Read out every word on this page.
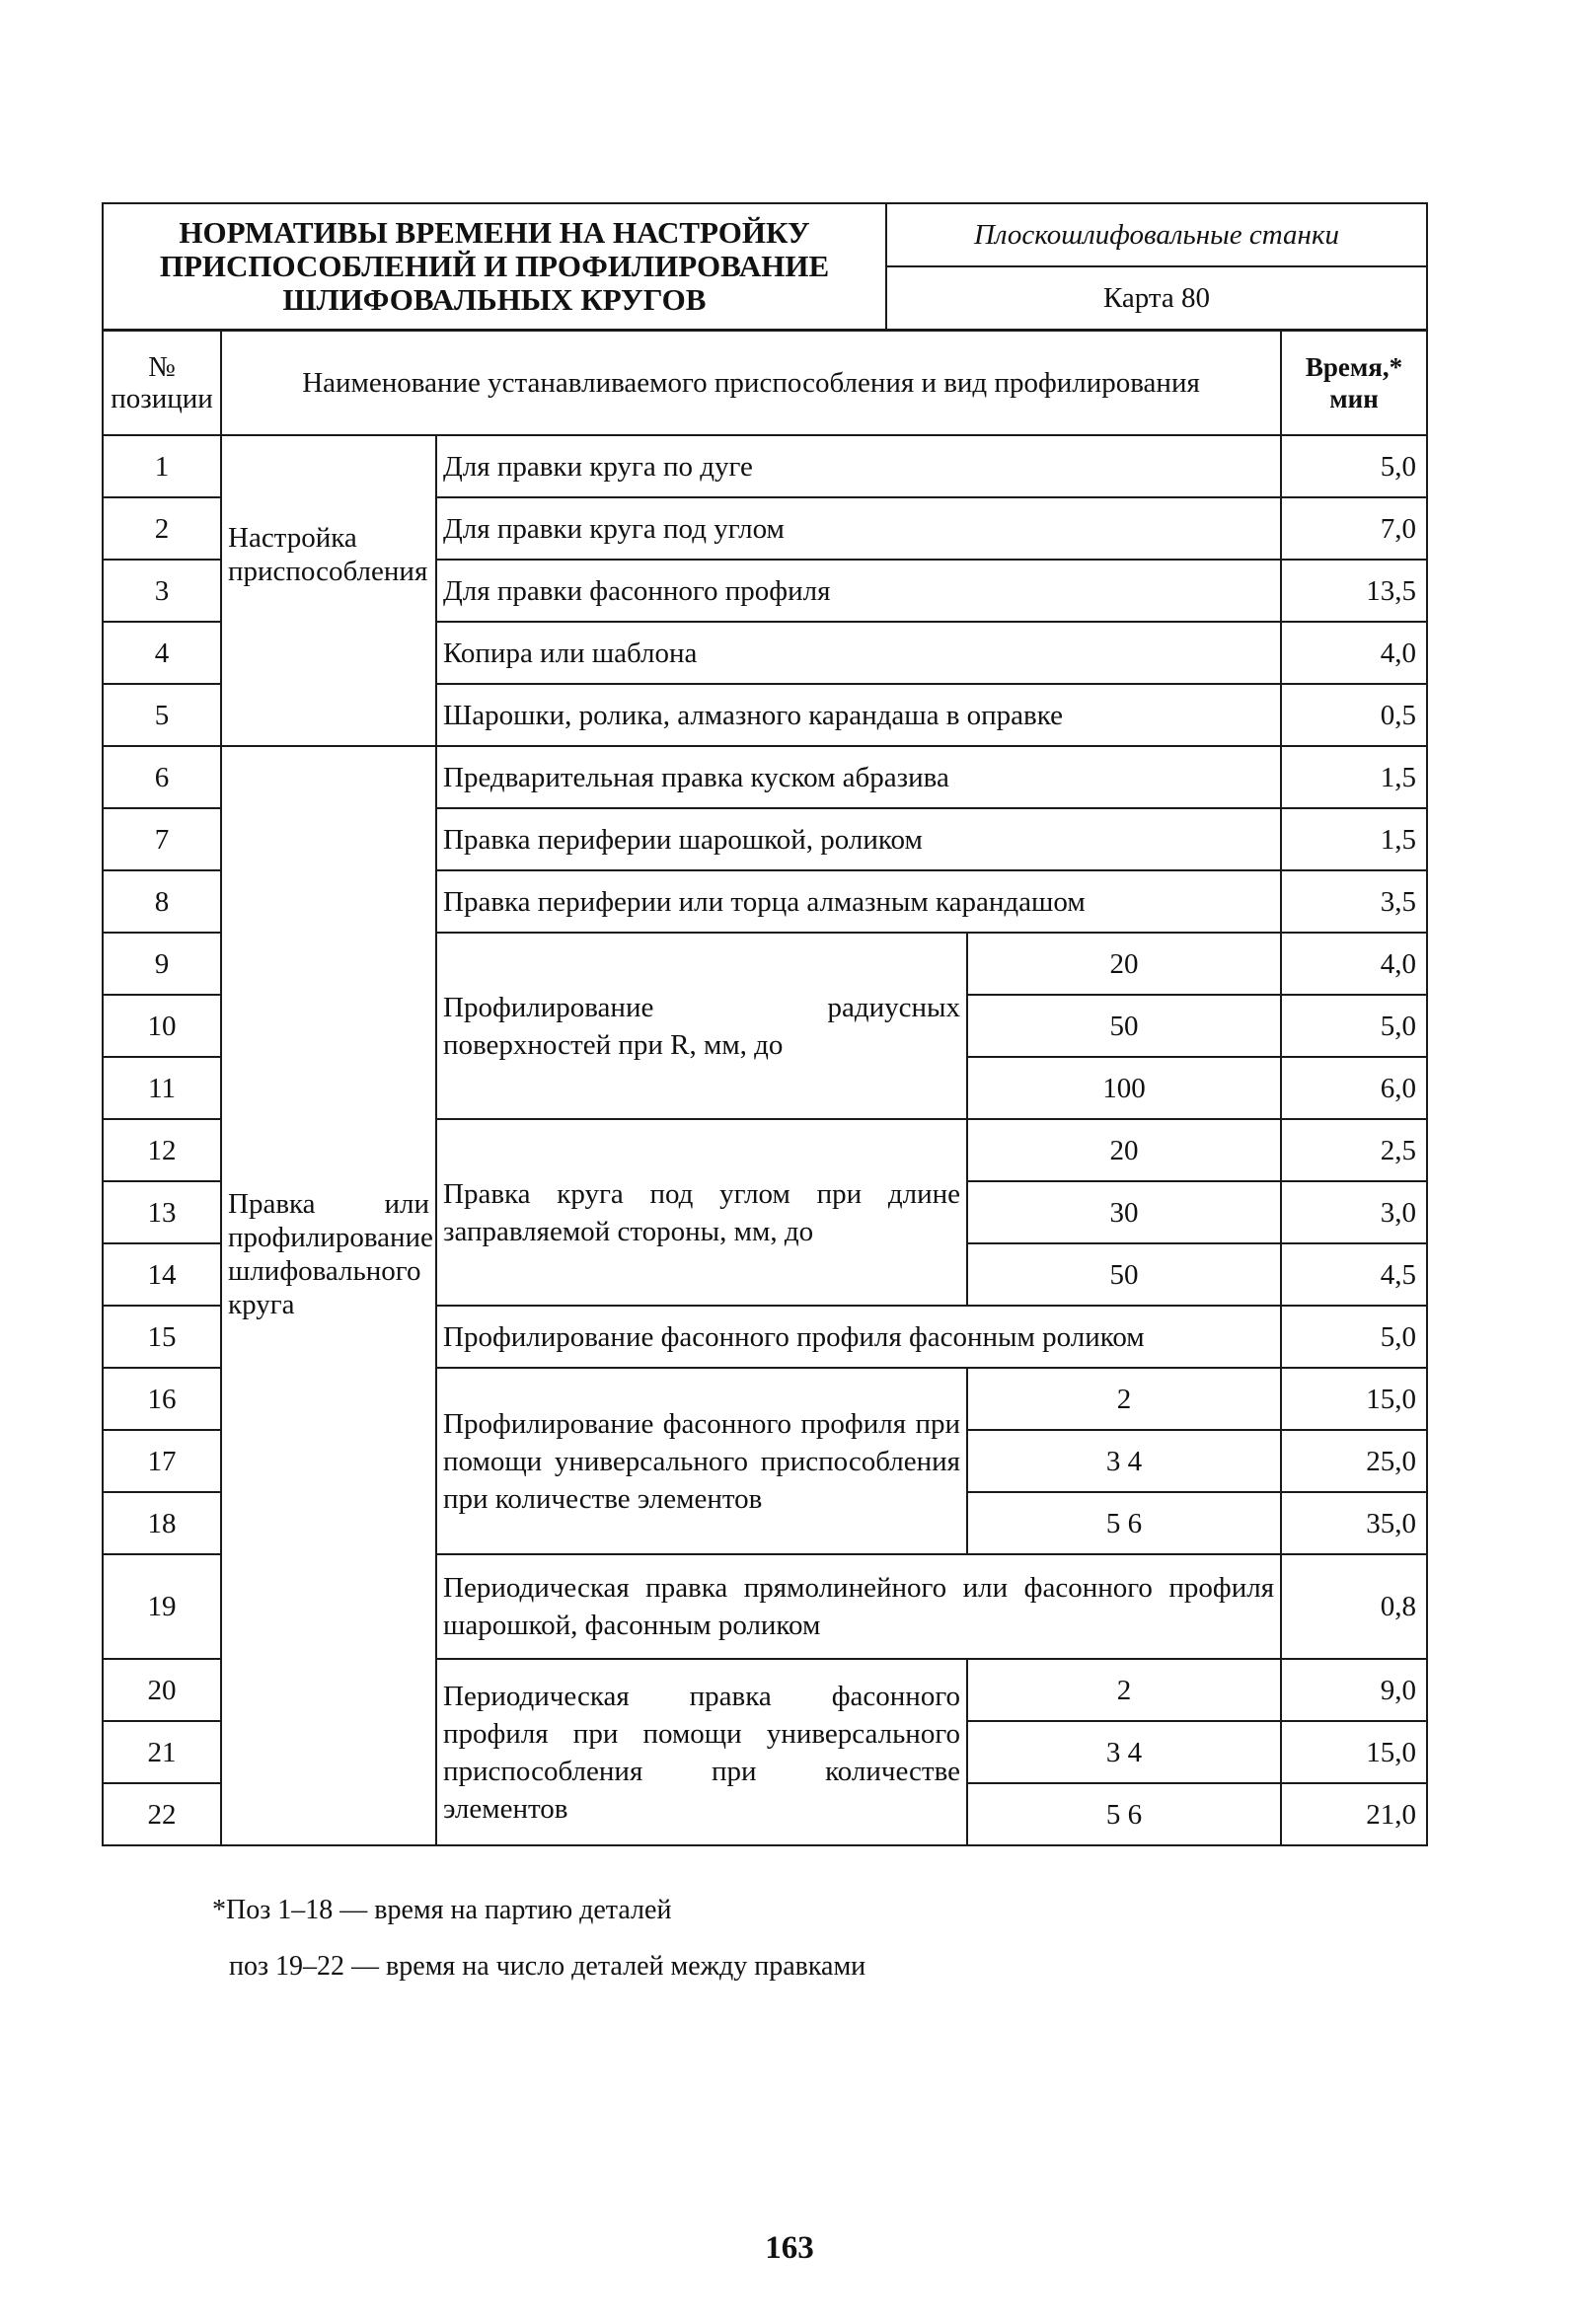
НОРМАТИВЫ ВРЕМЕНИ НА НАСТРОЙКУ
ПРИСПОСОБЛЕНИЙ И ПРОФИЛИРОВАНИЕ
ШЛИФОВАЛЬНЫХ КРУГОВ
	Плоскошлифовальные станки
Карта 80
№ позиции	Наименование устанавливаемого приспособления и вид профилирования			Время,* мин
1	Настройка приспособления	Для правки круга по дуге		5,0
2		Для правки круга под углом		7,0
3		Для правки фасонного профиля		13,5
4		Копира или шаблона		4,0
5		Шарошки, ролика, алмазного карандаша в оправке		0,5
6	Правка или профилирование шлифовального круга	Предварительная правка куском абразива		1,5
7		Правка периферии шарошкой, роликом		1,5
8		Правка периферии или торца алмазным карандашом		3,5
9		Профилирование радиусных поверхностей при R, мм, до	20	4,0
10			50	5,0
11			100	6,0
12		Правка круга под углом при длине заправляемой стороны, мм, до	20	2,5
13			30	3,0
14			50	4,5
15		Профилирование фасонного профиля фасонным роликом		5,0
16		Профилирование фасонного профиля при помощи универсального приспособления при количестве элементов	2	15,0
17			3 4	25,0
18			5 6	35,0
19		Периодическая правка прямолинейного или фасонного профиля шарошкой, фасонным роликом		0,8
20		Периодическая правка фасонного профиля при помощи универсального приспособления при количестве элементов	2	9,0
21			3 4	15,0
22			5 6	21,0
*Поз 1–18 — время на партию деталей
поз 19–22 — время на число деталей между правками
163
